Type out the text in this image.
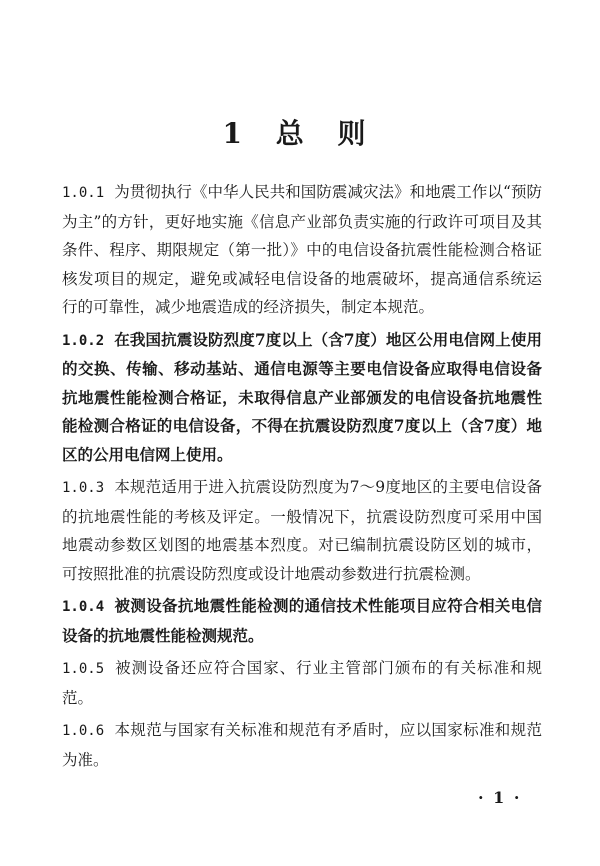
1 总 则

1.0.1 为贯彻执行《中华人民共和国防震减灾法》和地震工作以“预防为主”的方针，更好地实施《信息产业部负责实施的行政许可项目及其条件、程序、期限规定（第一批）》中的电信设备抗震性能检测合格证核发项目的规定，避免或减轻电信设备的地震破坏，提高通信系统运行的可靠性，减少地震造成的经济损失，制定本规范。

1.0.2 在我国抗震设防烈度7度以上（含7度）地区公用电信网上使用的交换、传输、移动基站、通信电源等主要电信设备应取得电信设备抗地震性能检测合格证，未取得信息产业部颁发的电信设备抗地震性能检测合格证的电信设备，不得在抗震设防烈度7度以上（含7度）地区的公用电信网上使用。

1.0.3 本规范适用于进入抗震设防烈度为7～9度地区的主要电信设备的抗地震性能的考核及评定。一般情况下，抗震设防烈度可采用中国地震动参数区划图的地震基本烈度。对已编制抗震设防区划的城市，可按照批准的抗震设防烈度或设计地震动参数进行抗震检测。

1.0.4 被测设备抗地震性能检测的通信技术性能项目应符合相关电信设备的抗地震性能检测规范。

1.0.5 被测设备还应符合国家、行业主管部门颁布的有关标准和规范。

1.0.6 本规范与国家有关标准和规范有矛盾时，应以国家标准和规范为准。

· 1 ·
